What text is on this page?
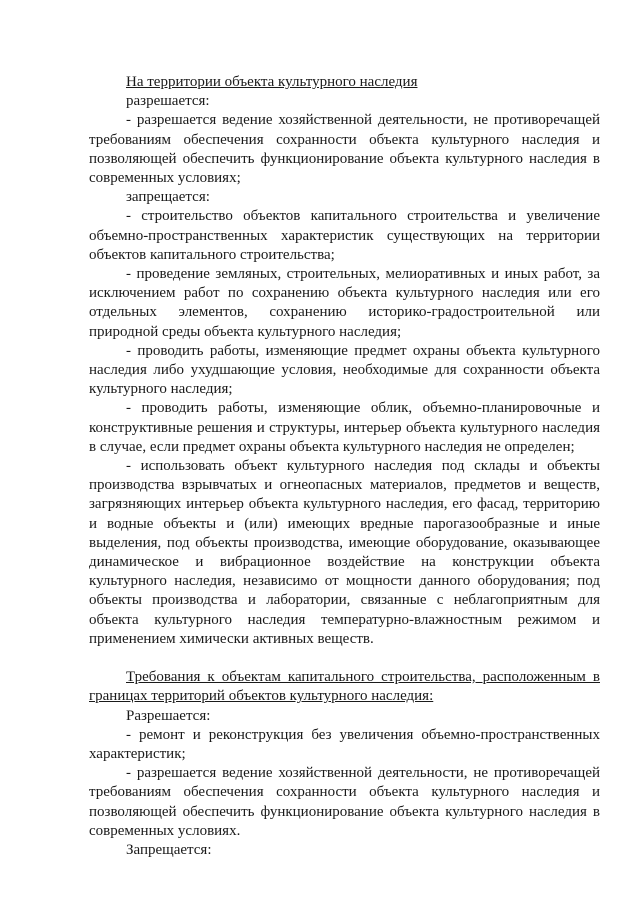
На территории объекта культурного наследия

разрешается:

- разрешается ведение хозяйственной деятельности, не противоречащей требованиям обеспечения сохранности объекта культурного наследия и позволяющей обеспечить функционирование объекта культурного наследия в современных условиях;

запрещается:

- строительство объектов капитального строительства и увеличение объемно-пространственных характеристик существующих на территории объектов капитального строительства;

- проведение земляных, строительных, мелиоративных и иных работ, за исключением работ по сохранению объекта культурного наследия или его отдельных элементов, сохранению историко-градостроительной или природной среды объекта культурного наследия;

- проводить работы, изменяющие предмет охраны объекта культурного наследия либо ухудшающие условия, необходимые для сохранности объекта культурного наследия;

- проводить работы, изменяющие облик, объемно-планировочные и конструктивные решения и структуры, интерьер объекта культурного наследия в случае, если предмет охраны объекта культурного наследия не определен;

- использовать объект культурного наследия под склады и объекты производства взрывчатых и огнеопасных материалов, предметов и веществ, загрязняющих интерьер объекта культурного наследия, его фасад, территорию и водные объекты и (или) имеющих вредные парогазообразные и иные выделения, под объекты производства, имеющие оборудование, оказывающее динамическое и вибрационное воздействие на конструкции объекта культурного наследия, независимо от мощности данного оборудования; под объекты производства и лаборатории, связанные с неблагоприятным для объекта культурного наследия температурно-влажностным режимом и применением химически активных веществ.

Требования к объектам капитального строительства, расположенным в границах территорий объектов культурного наследия:

Разрешается:

- ремонт и реконструкция без увеличения объемно-пространственных характеристик;

- разрешается ведение хозяйственной деятельности, не противоречащей требованиям обеспечения сохранности объекта культурного наследия и позволяющей обеспечить функционирование объекта культурного наследия в современных условиях.

Запрещается:
